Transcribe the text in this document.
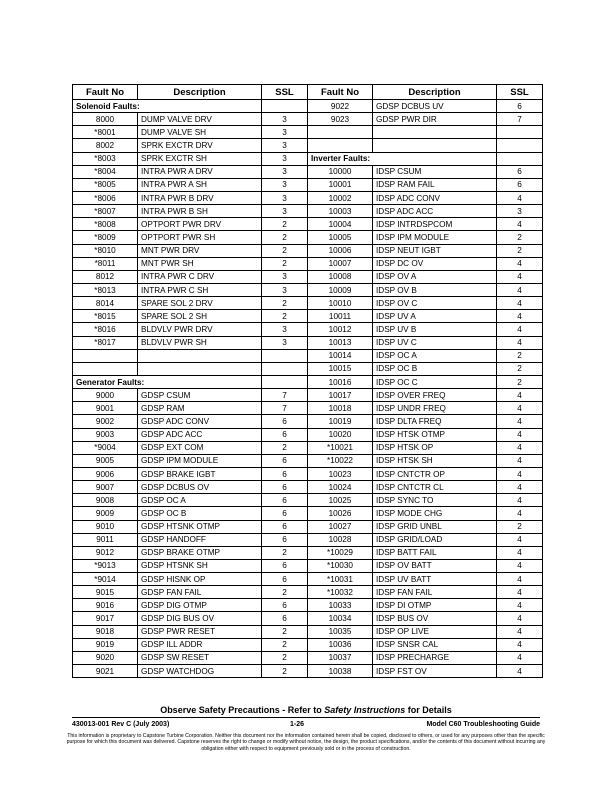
Fault No	Description	SSL	Fault No	Description	SSL
Solenoid Faults:			9022	GDSP DCBUS UV	6
8000	DUMP VALVE DRV	3	9023	GDSP PWR DIR	7
*8001	DUMP VALVE SH	3			
8002	SPRK EXCTR DRV	3			
*8003	SPRK EXCTR SH	3	Inverter Faults:		
*8004	INTRA PWR A DRV	3	10000	IDSP CSUM	6
*8005	INTRA PWR A SH	3	10001	IDSP RAM FAIL	6
*8006	INTRA PWR B DRV	3	10002	IDSP ADC CONV	4
*8007	INTRA PWR B SH	3	10003	IDSP ADC ACC	3
*8008	OPTPORT PWR DRV	2	10004	IDSP INTRDSPCOM	4
*8009	OPTPORT PWR SH	2	10005	IDSP IPM MODULE	2
*8010	MNT PWR DRV	2	10006	IDSP NEUT IGBT	2
*8011	MNT PWR SH	2	10007	IDSP DC OV	4
8012	INTRA PWR C DRV	3	10008	IDSP OV A	4
*8013	INTRA PWR C SH	3	10009	IDSP OV B	4
8014	SPARE SOL 2 DRV	2	10010	IDSP OV C	4
*8015	SPARE SOL 2 SH	2	10011	IDSP UV A	4
*8016	BLDVLV PWR DRV	3	10012	IDSP UV B	4
*8017	BLDVLV PWR SH	3	10013	IDSP UV C	4
			10014	IDSP OC A	2
			10015	IDSP OC B	2
Generator Faults:			10016	IDSP OC C	2
9000	GDSP CSUM	7	10017	IDSP OVER FREQ	4
9001	GDSP RAM	7	10018	IDSP UNDR FREQ	4
9002	GDSP ADC CONV	6	10019	IDSP DLTA FREQ	4
9003	GDSP ADC ACC	6	10020	IDSP HTSK OTMP	4
*9004	GDSP EXT COM	2	*10021	IDSP HTSK OP	4
9005	GDSP IPM MODULE	6	*10022	IDSP HTSK SH	4
9006	GDSP BRAKE IGBT	6	10023	IDSP CNTCTR OP	4
9007	GDSP DCBUS OV	6	10024	IDSP CNTCTR CL	4
9008	GDSP OC A	6	10025	IDSP SYNC TO	4
9009	GDSP OC B	6	10026	IDSP MODE CHG	4
9010	GDSP HTSNK OTMP	6	10027	IDSP GRID UNBL	2
9011	GDSP HANDOFF	6	10028	IDSP GRID/LOAD	4
9012	GDSP BRAKE OTMP	2	*10029	IDSP BATT FAIL	4
*9013	GDSP HTSNK SH	6	*10030	IDSP OV BATT	4
*9014	GDSP HISNK OP	6	*10031	IDSP UV BATT	4
9015	GDSP FAN FAIL	2	*10032	IDSP FAN FAIL	4
9016	GDSP DIG OTMP	6	10033	IDSP DI OTMP	4
9017	GDSP DIG BUS OV	6	10034	IDSP BUS OV	4
9018	GDSP PWR RESET	2	10035	IDSP OP LIVE	4
9019	GDSP ILL ADDR	2	10036	IDSP SNSR CAL	4
9020	GDSP SW RESET	2	10037	IDSP PRECHARGE	4
9021	GDSP WATCHDOG	2	10038	IDSP FST OV	4
Observe Safety Precautions - Refer to Safety Instructions for Details
430013-001 Rev C (July 2003)	1-26	Model C60 Troubleshooting Guide
This information is proprietary to Capstone Turbine Corporation. Neither this document nor the information contained herein shall be copied, disclosed to others, or used for any purposes other than the specific purpose for which this document was delivered. Capstone reserves the right to change or modify without notice, the design, the product specifications, and/or the contents of this document without incurring any obligation either with respect to equipment previously sold or in the process of construction.
